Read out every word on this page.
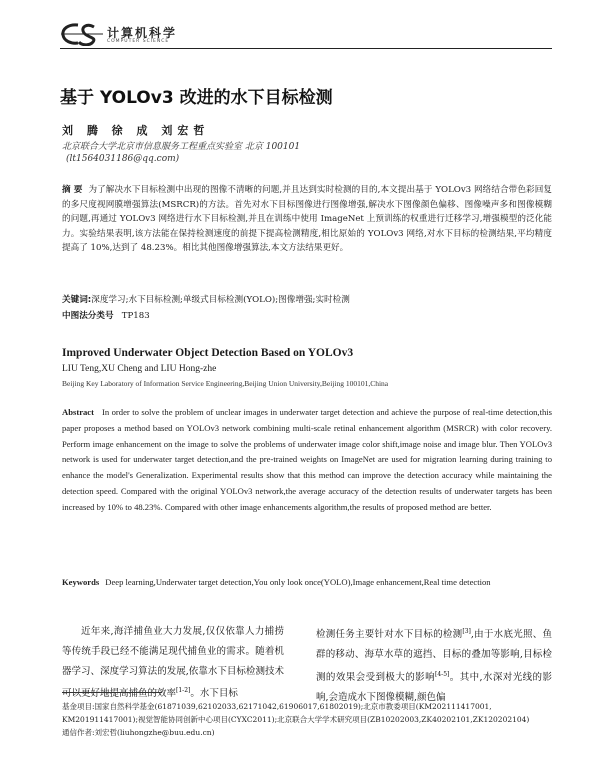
计算机科学
COMPUTER SCIENCE
基于 YOLOv3 改进的水下目标检测
刘 腾 徐 成 刘宏哲
北京联合大学北京市信息服务工程重点实验室 北京 100101
(lt1564031186@qq.com)
摘 要 为了解决水下目标检测中出现的图像不清晰的问题,并且达到实时检测的目的,本文提出基于 YOLOv3 网络结合带色彩回复的多尺度视网膜增强算法(MSRCR)的方法。首先对水下目标图像进行图像增强,解决水下图像颜色偏移、图像噪声多和图像模糊的问题,再通过 YOLOv3 网络进行水下目标检测,并且在训练中使用 ImageNet 上预训练的权重进行迁移学习,增强模型的泛化能力。实验结果表明,该方法能在保持检测速度的前提下提高检测精度,相比原始的 YOLOv3 网络,对水下目标的检测结果,平均精度提高了 10%,达到了 48.23%。相比其他图像增强算法,本文方法结果更好。
关键词:深度学习;水下目标检测;单级式目标检测(YOLO);图像增强;实时检测
中图法分类号 TP183
Improved Underwater Object Detection Based on YOLOv3
LIU Teng,XU Cheng and LIU Hong-zhe
Beijing Key Laboratory of Information Service Engineering,Beijing Union University,Beijing 100101,China
Abstract In order to solve the problem of unclear images in underwater target detection and achieve the purpose of real-time detection,this paper proposes a method based on YOLOv3 network combining multi-scale retinal enhancement algorithm (MSRCR) with color recovery. Perform image enhancement on the image to solve the problems of underwater image color shift,image noise and image blur. Then YOLOv3 network is used for underwater target detection,and the pre-trained weights on ImageNet are used for migration learning during training to enhance the model's Generalization. Experimental results show that this method can improve the detection accuracy while maintaining the detection speed. Compared with the original YOLOv3 network,the average accuracy of the detection results of underwater targets has been increased by 10% to 48.23%. Compared with other image enhancements algorithm,the results of proposed method are better.
Keywords Deep learning,Underwater target detection,You only look once(YOLO),Image enhancement,Real time detection
近年来,海洋捕鱼业大力发展,仅仅依靠人力捕捞等传统手段已经不能满足现代捕鱼业的需求。随着机器学习、深度学习算法的发展,依靠水下目标检测技术可以更好地提高捕鱼的效率[1-2]。水下目标
检测任务主要针对水下目标的检测[3],由于水底光照、鱼群的移动、海草水草的遮挡、目标的叠加等影响,目标检测的效果会受到极大的影响[4-5]。其中,水深对光线的影响,会造成水下图像模糊,颜色偏
基金项目:国家自然科学基金(61871039,62102033,62171042,61906017,61802019);北京市教委项目(KM202111417001,
KM201911417001);视觉智能协同创新中心项目(CYXC2011);北京联合大学学术研究项目(ZB10202003,ZK40202101,ZK120202104)
通信作者:刘宏哲(liuhongzhe@buu.edu.cn)
